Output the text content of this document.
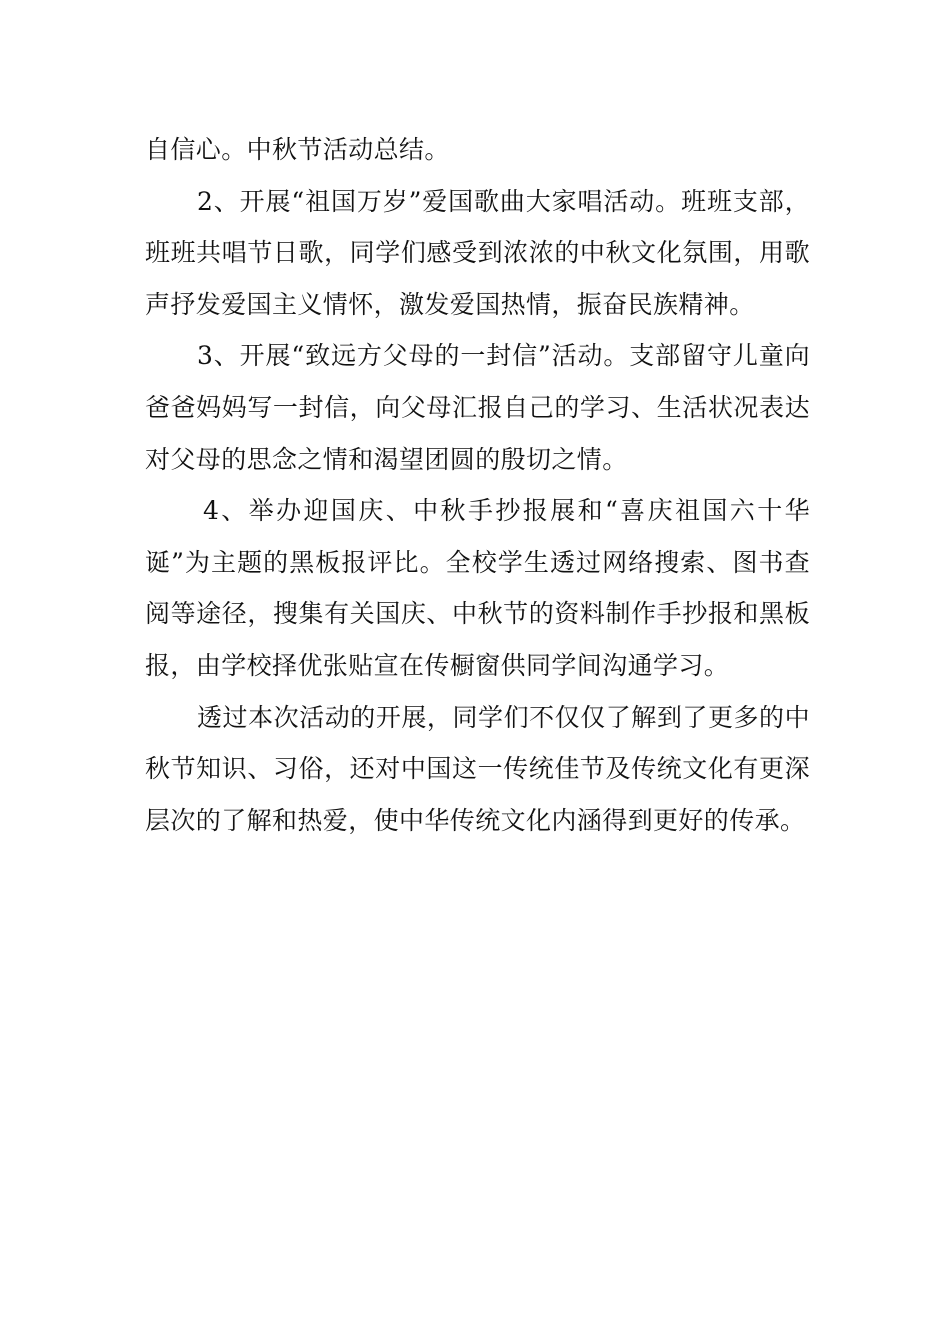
自信心。中秋节活动总结。

2、开展“祖国万岁”爱国歌曲大家唱活动。班班支部，班班共唱节日歌，同学们感受到浓浓的中秋文化氛围，用歌声抒发爱国主义情怀，激发爱国热情，振奋民族精神。

3、开展“致远方父母的一封信”活动。支部留守儿童向爸爸妈妈写一封信，向父母汇报自己的学习、生活状况表达对父母的思念之情和渴望团圆的殷切之情。

4、举办迎国庆、中秋手抄报展和“喜庆祖国六十华诞”为主题的黑板报评比。全校学生透过网络搜索、图书查阅等途径，搜集有关国庆、中秋节的资料制作手抄报和黑板报，由学校择优张贴宣在传橱窗供同学间沟通学习。

透过本次活动的开展，同学们不仅仅了解到了更多的中秋节知识、习俗，还对中国这一传统佳节及传统文化有更深层次的了解和热爱，使中华传统文化内涵得到更好的传承。
